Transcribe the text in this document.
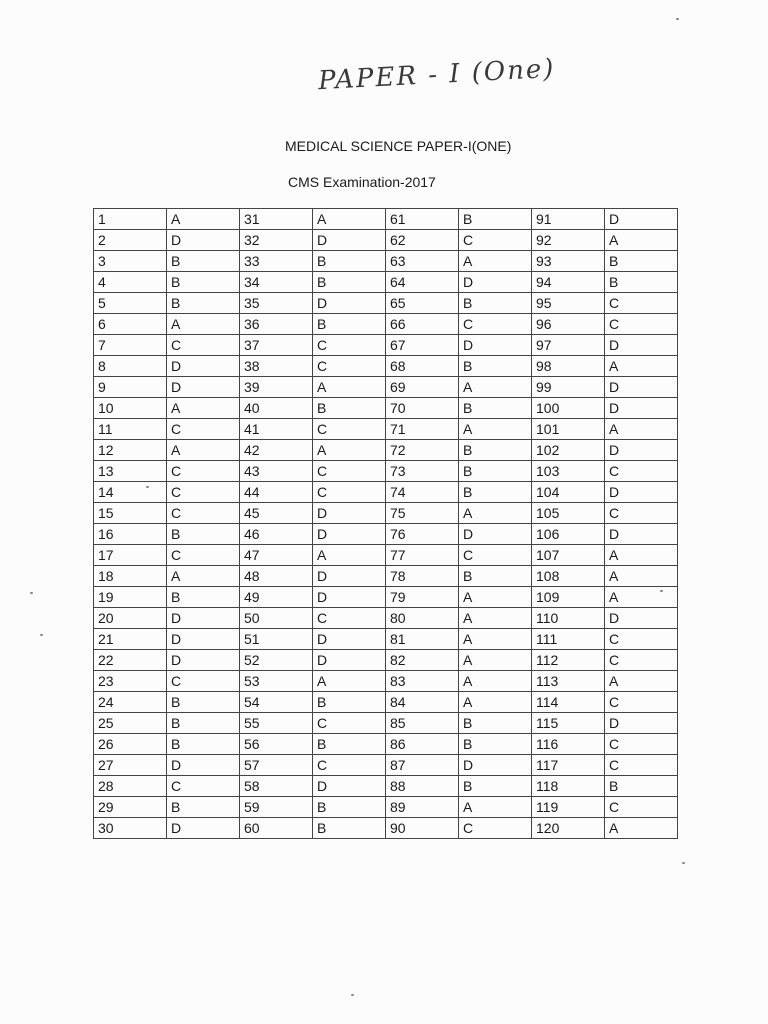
PAPER - I (One)
MEDICAL SCIENCE PAPER-I(ONE)
CMS Examination-2017
1	A	31	A	61	B	91	D
2	D	32	D	62	C	92	A
3	B	33	B	63	A	93	B
4	B	34	B	64	D	94	B
5	B	35	D	65	B	95	C
6	A	36	B	66	C	96	C
7	C	37	C	67	D	97	D
8	D	38	C	68	B	98	A
9	D	39	A	69	A	99	D
10	A	40	B	70	B	100	D
11	C	41	C	71	A	101	A
12	A	42	A	72	B	102	D
13	C	43	C	73	B	103	C
14	C	44	C	74	B	104	D
15	C	45	D	75	A	105	C
16	B	46	D	76	D	106	D
17	C	47	A	77	C	107	A
18	A	48	D	78	B	108	A
19	B	49	D	79	A	109	A
20	D	50	C	80	A	110	D
21	D	51	D	81	A	111	C
22	D	52	D	82	A	112	C
23	C	53	A	83	A	113	A
24	B	54	B	84	A	114	C
25	B	55	C	85	B	115	D
26	B	56	B	86	B	116	C
27	D	57	C	87	D	117	C
28	C	58	D	88	B	118	B
29	B	59	B	89	A	119	C
30	D	60	B	90	C	120	A
